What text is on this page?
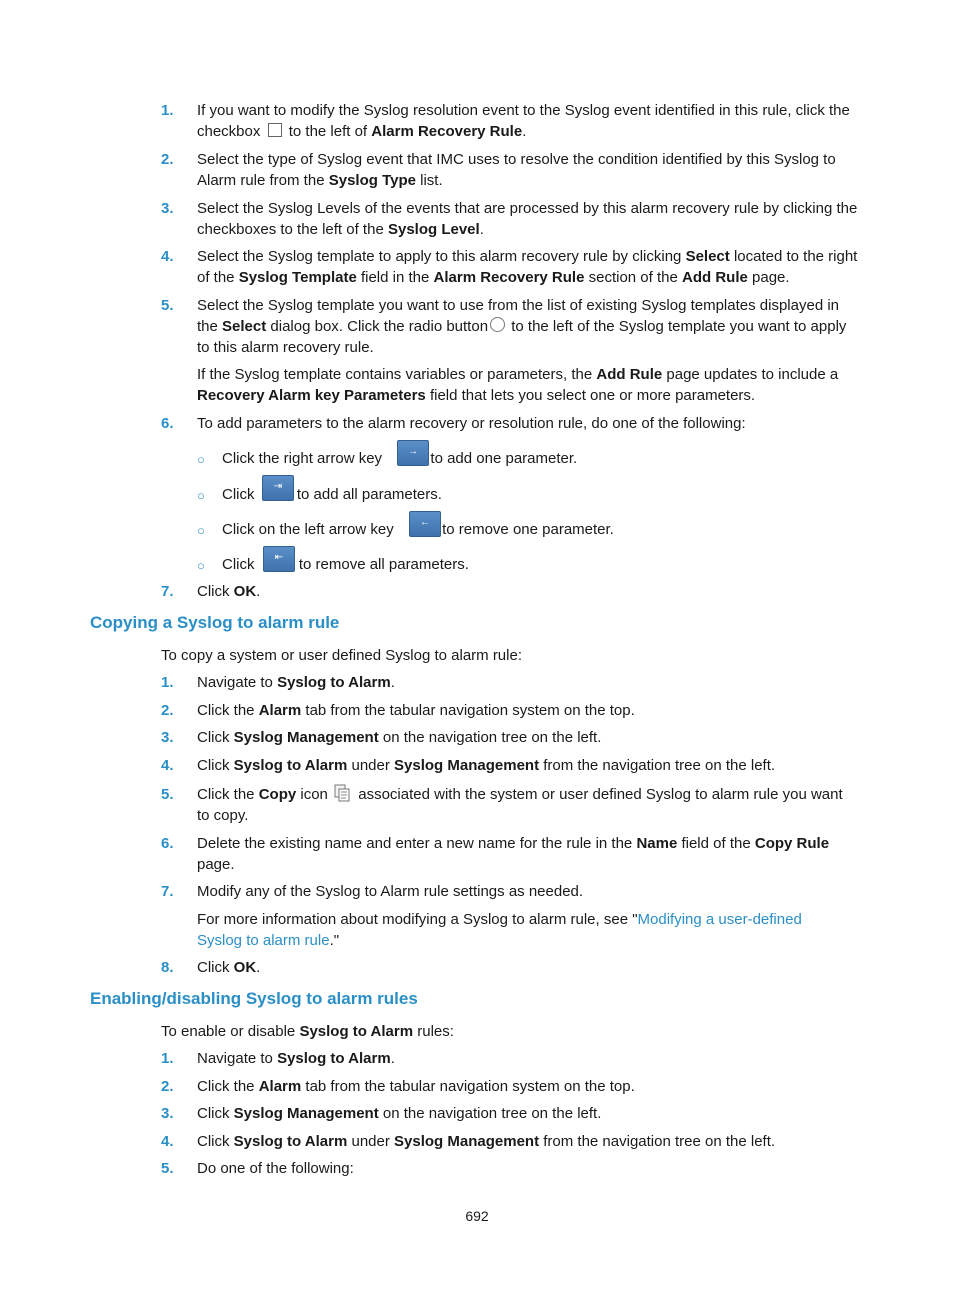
1. If you want to modify the Syslog resolution event to the Syslog event identified in this rule, click the
checkbox to the left of Alarm Recovery Rule.
2. Select the type of Syslog event that IMC uses to resolve the condition identified by this Syslog to
Alarm rule from the Syslog Type list.
3. Select the Syslog Levels of the events that are processed by this alarm recovery rule by clicking the
checkboxes to the left of the Syslog Level.
4. Select the Syslog template to apply to this alarm recovery rule by clicking Select located to the right
of the Syslog Template field in the Alarm Recovery Rule section of the Add Rule page.
5. Select the Syslog template you want to use from the list of existing Syslog templates displayed in
the Select dialog box. Click the radio button to the left of the Syslog template you want to apply
to this alarm recovery rule.
If the Syslog template contains variables or parameters, the Add Rule page updates to include a
Recovery Alarm key Parameters field that lets you select one or more parameters.
6. To add parameters to the alarm recovery or resolution rule, do one of the following:
○ Click the right arrow key	to add one parameter.
→
○ Click	to add all parameters.
⇥
○ Click on the left arrow key	to remove one parameter.
←
○ Click	to remove all parameters.
⇤
7. Click OK.
Copying a Syslog to alarm rule
To copy a system or user defined Syslog to alarm rule:
1. Navigate to Syslog to Alarm.
2. Click the Alarm tab from the tabular navigation system on the top.
3. Click Syslog Management on the navigation tree on the left.
4. Click Syslog to Alarm under Syslog Management from the navigation tree on the left.
5. Click the Copy icon associated with the system or user defined Syslog to alarm rule you want
to copy.
6. Delete the existing name and enter a new name for the rule in the Name field of the Copy Rule
page.
7. Modify any of the Syslog to Alarm rule settings as needed.
For more information about modifying a Syslog to alarm rule, see "Modifying a user-defined
Syslog to alarm rule."
8. Click OK.
Enabling/disabling Syslog to alarm rules
To enable or disable Syslog to Alarm rules:
1. Navigate to Syslog to Alarm.
2. Click the Alarm tab from the tabular navigation system on the top.
3. Click Syslog Management on the navigation tree on the left.
4. Click Syslog to Alarm under Syslog Management from the navigation tree on the left.
5. Do one of the following:
692
